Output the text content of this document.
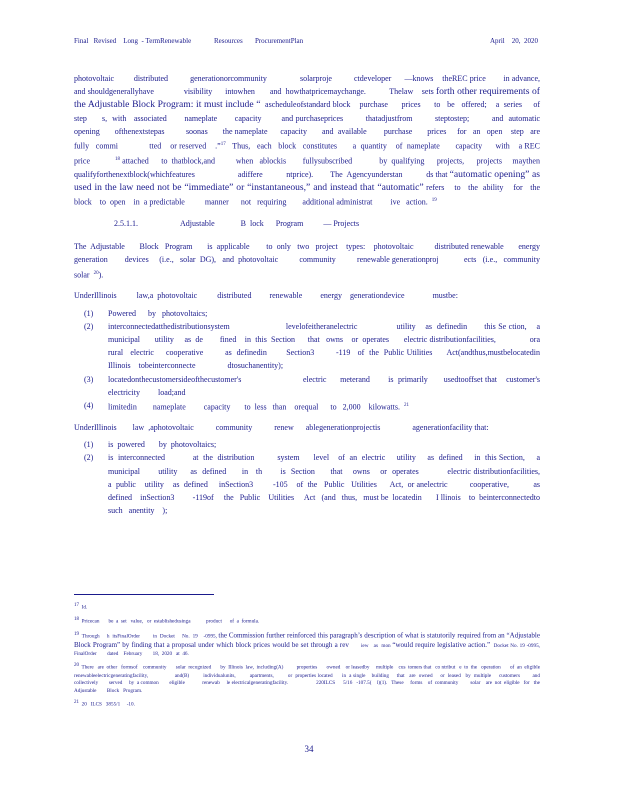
Final   Revised    Long  - TermRenewable             Resources       ProcurementPlan	April    20,  2020

photovoltaic         distributed          generationorcommunity               solarproje          ctdeveloper      —knows    theREC price        in advance,     and shouldgenerallyhave              visibility      intowhen       and  howthatpricemaychange.           Thelaw    sets forth other requirements of the Adjustable Block Program: it must include “  ascheduleofstandard block    purchase      prices      to   be   offered;    a  series     of   step      s,  with   associated       nameplate       capacity        and purchaseprices         thatadjustfrom         steptostep;         and  automatic       opening       ofthenextstepas          soonas       the nameplate      capacity       and  available        purchase       prices     for   an   open    step   are   fully   commi              tted    or reserved    .”$^{17}$   Thus,   each   block   constitutes       a  quantity    of  nameplate       capacity      with    a REC  price            $^{18}$ attached      to  thatblock,and          when   ablockis        fullysubscribed             by  qualifying      projects,      projects     maythen qualifyforthenextblock(whichfeatures                    adiffere           ntprice).        The  Agencyunderstan           ds that “automatic opening” as used in the law need not be “immediate” or “instantaneous,” and instead that “automatic” refers    to   the  ability    for   the  block    to  open    in  a predictable          manner      not   requiring        additional administrat         ive   action.  $^{19}$

2.5.1.1.	Adjustable             B  lock      Program          — Projects

The  Adjustable       Block   Program       is  applicable        to  only   two   project    types:    photovoltaic          distributed renewable       energy     generation        devices     (i.e.,   solar  DG),   and  photovoltaic          community          renewable generationproj            ects   (i.e.,   community            solar  $^{20}$).

UnderIllinois          law,a  photovoltaic          distributed         renewable         energy    generationdevice              mustbe:

(1)	Powered      by   photovoltaics;
(2)	interconnectedatthedistributionsystem                       levelofeitheranelectric                utility    as  definedin       this Se ction,    a  municipal       utility     as  de        fined    in  this  Section      that   owns    or  operates       electric distributionfacilities,                ora  rural   electric     cooperative         as  definedin        Section3         -119   of  the  Public Utilities      Act(andthus,mustbelocatedin                       Illinois    tobeinterconnecte                dtosuchanentity);
(3)	locatedonthecustomersideofthecustomer's                           electric      meterand        is  primarily       usedtooffset that    customer's          electricity         load;and
(4)	limitedin        nameplate         capacity       to  less   than    orequal      to   2,000    kilowatts.  $^{21}$

UnderIllinois        law  ,aphotovoltaic           community           renew      ablegenerationprojectis                agenerationfacility that:

(1)	is  powered       by  photovoltaics;
(2)	is  interconnected            at  the  distribution          system      level    of  an  electric     utility     as  defined     in  this Section,     a  municipal       utility     as  defined      in   th       is  Section      that    owns    or  operates           electric distributionfacilities,                 a  public    utility    as  defined     inSection3         -105    of  the   Public   Utilities      Act,  or anelectric          cooperative,           as  defined    inSection3         -119of     the   Public    Utilities     Act   (and   thus,   must be  locatedin       I llinois    to  beinterconnectedto                such   anentity    );
$^{17}$  Id.
$^{18}$  Pricecan       be  a  set   value,   or  establishedusinga            product      of  a  formula.
$^{19}$  Through     h  itsFinalOrder         in  Docket     No.  19    -0995, the Commission further reinforced this paragraph’s description of what is statutorily required from an “Adjustable Block Program” by finding that a proposal under which block prices would be set through a rev       iew   as  mon “would require legislative action.”  Docket No. 19 -0995,    FinalOrder        dated    February        18,  2020   at  46.
$^{20}$  There   are  other   formsof    community       solar  recognized       by  Illinois  law,  including(A)          properties       owned    or leasedby     multiple    cus  tomers that   co ntribut   e  to  the   operation       of  an  eligible    renewableelectricgeneratingfacility,                 and(B)         individualunits,         apartments,         or  properties located      in  a single    building     that   are  owned     or  leased   by  multiple     customers        and   collectively        served     by  a common        eligible             renewab     le electricalgeneratingfacility.                     220ILCS      5/16   -107.5(    l)(1).   These     forms    of  community         solar    are  not  eligible   for   the  Adjustable        Block   Program.
$^{21}$  20   ILCS   3855/1     -10.
34
